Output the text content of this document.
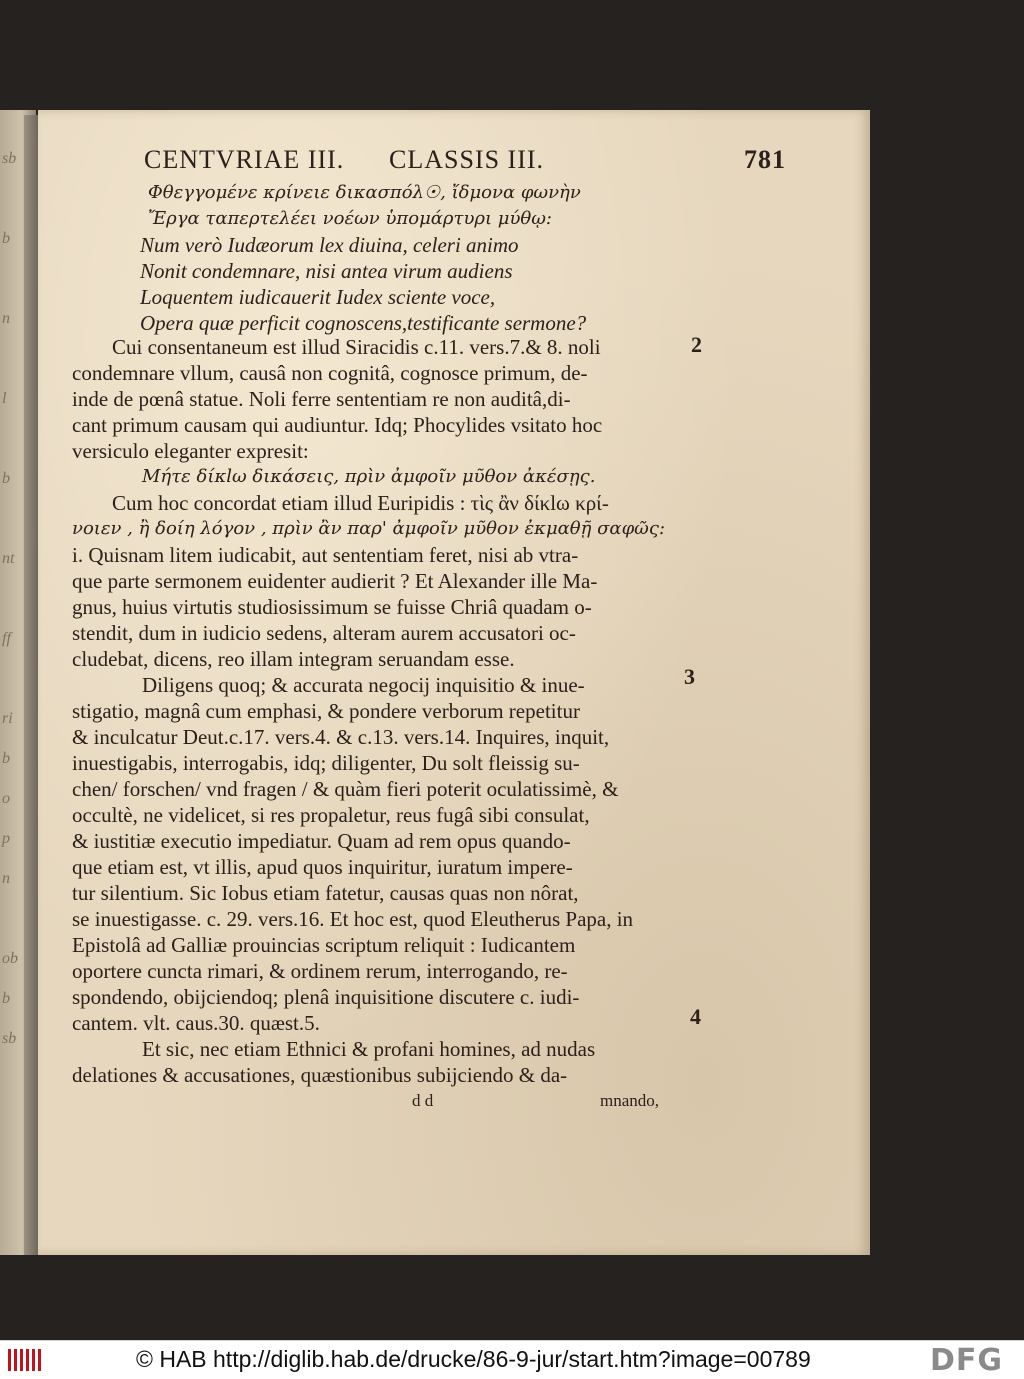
sb
b
n
l
b
nt
ff
ri
b
o
p
n
ob
b
sb
CENTVRIAE III. CLASSIS III.	781
Φθεγγομένε κρίνειε δικασπόλ☉, ἴδμονα φωνὴν
Ἔργα ταπερτελέει νοέων ὑπομάρτυρι μύθῳ:
Num verò Iudæorum lex diuina, celeri animo
Nonit condemnare, nisi antea virum audiens
Loquentem iudicauerit Iudex sciente voce,
Opera quæ perficit cognoscens,testificante sermone?
Cui consentaneum est illud Siracidis c.11. vers.7.& 8. noli
condemnare vllum, causâ non cognitâ, cognosce primum, de-
inde de pœnâ statue. Noli ferre sententiam re non auditâ,di-
cant primum causam qui audiuntur. Idq; Phocylides vsitato hoc
versiculo eleganter expresit:
Μήτε δίκlω δικάσεις, πρὶν ἀμφοῖν μῦθον ἀκέσῃς.
Cum hoc concordat etiam illud Euripidis : τὶς ἂν δίκlω κρί-
νοιεν , ἢ δοίη λόγον , πρὶν ἂν παρ' ἀμφοῖν μῦθον ἐκμαθῇ σαφῶς:
i. Quisnam litem iudicabit, aut sententiam feret, nisi ab vtra-
que parte sermonem euidenter audierit ? Et Alexander ille Ma-
gnus, huius virtutis studiosissimum se fuisse Chriâ quadam o-
stendit, dum in iudicio sedens, alteram aurem accusatori oc-
cludebat, dicens, reo illam integram seruandam esse.
Diligens quoq; & accurata negocij inquisitio & inue-
stigatio, magnâ cum emphasi, & pondere verborum repetitur
& inculcatur Deut.c.17. vers.4. & c.13. vers.14. Inquires, inquit,
inuestigabis, interrogabis, idq; diligenter, Du solt fleissig su-
chen/ forschen/ vnd fragen / & quàm fieri poterit oculatissimè, &
occultè, ne videlicet, si res propaletur, reus fugâ sibi consulat,
& iustitiæ executio impediatur. Quam ad rem opus quando-
que etiam est, vt illis, apud quos inquiritur, iuratum impere-
tur silentium. Sic Iobus etiam fatetur, causas quas non nôrat,
se inuestigasse. c. 29. vers.16. Et hoc est, quod Eleutherus Papa, in
Epistolâ ad Galliæ prouincias scriptum reliquit : Iudicantem
oportere cuncta rimari, & ordinem rerum, interrogando, re-
spondendo, obijciendoq; plenâ inquisitione discutere c. iudi-
cantem. vlt. caus.30. quæst.5.
Et sic, nec etiam Ethnici & profani homines, ad nudas
delationes & accusationes, quæstionibus subijciendo & da-
d d	mnando,
2
3
4
© HAB http://diglib.hab.de/drucke/86-9-jur/start.htm?image=00789	DFG
